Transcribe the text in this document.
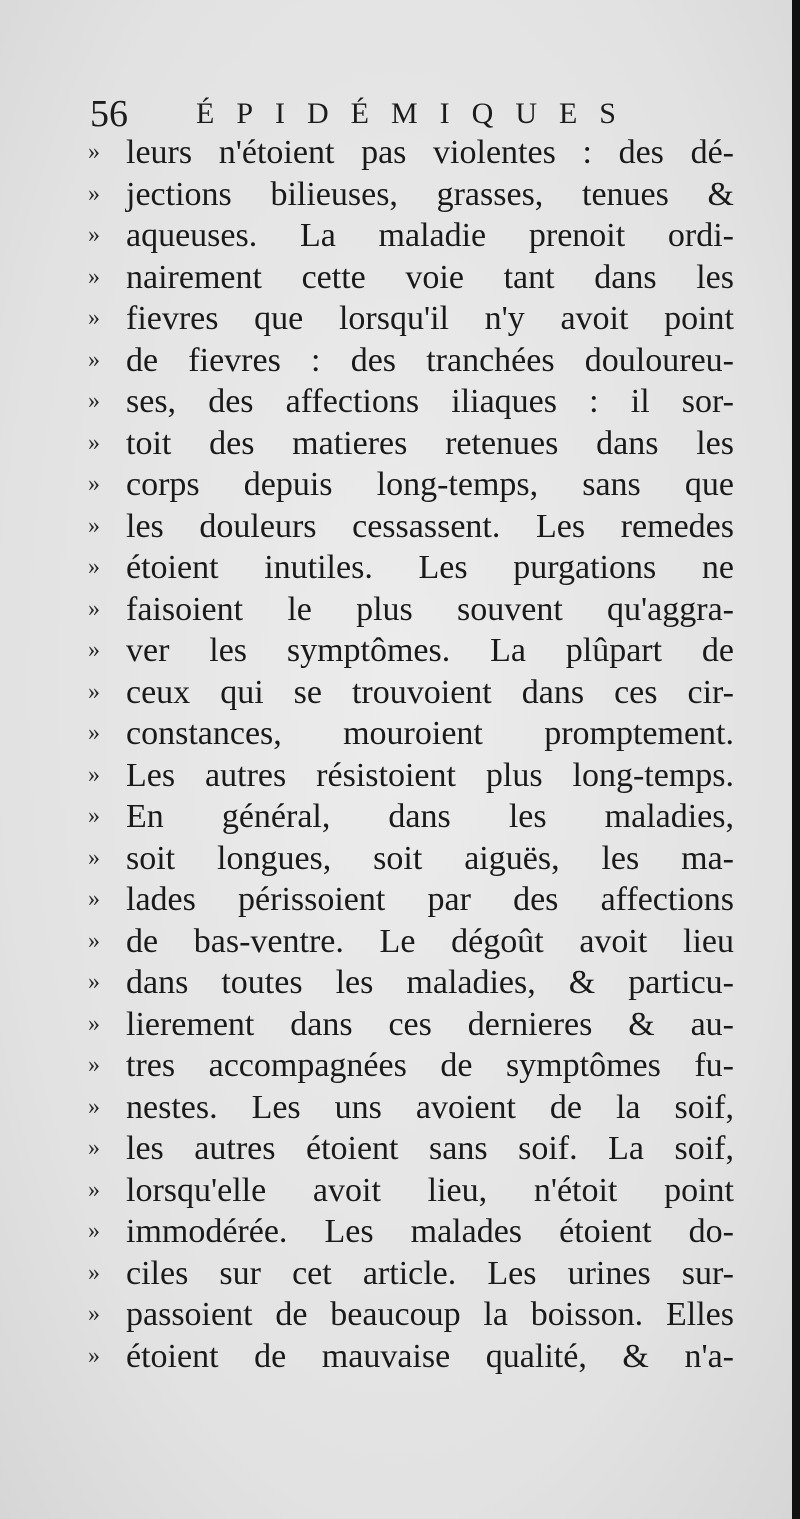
56 ÉPIDÉMIQUES
» leurs n'étoient pas violentes : des dé-
» jections bilieuses, grasses, tenues &
» aqueuses. La maladie prenoit ordi-
» nairement cette voie tant dans les
» fievres que lorsqu'il n'y avoit point
» de fievres : des tranchées douloureu-
» ses, des affections iliaques : il sor-
» toit des matieres retenues dans les
» corps depuis long-temps, sans que
» les douleurs cessassent. Les remedes
» étoient inutiles. Les purgations ne
» faisoient le plus souvent qu'aggra-
» ver les symptômes. La plûpart de
» ceux qui se trouvoient dans ces cir-
» constances, mouroient promptement.
» Les autres résistoient plus long-temps.
» En général, dans les maladies,
» soit longues, soit aiguës, les ma-
» lades périssoient par des affections
» de bas-ventre. Le dégoût avoit lieu
» dans toutes les maladies, & particu-
» lierement dans ces dernieres & au-
» tres accompagnées de symptômes fu-
» nestes. Les uns avoient de la soif,
» les autres étoient sans soif. La soif,
» lorsqu'elle avoit lieu, n'étoit point
» immodérée. Les malades étoient do-
» ciles sur cet article. Les urines sur-
» passoient de beaucoup la boisson. Elles
» étoient de mauvaise qualité, & n'a-
